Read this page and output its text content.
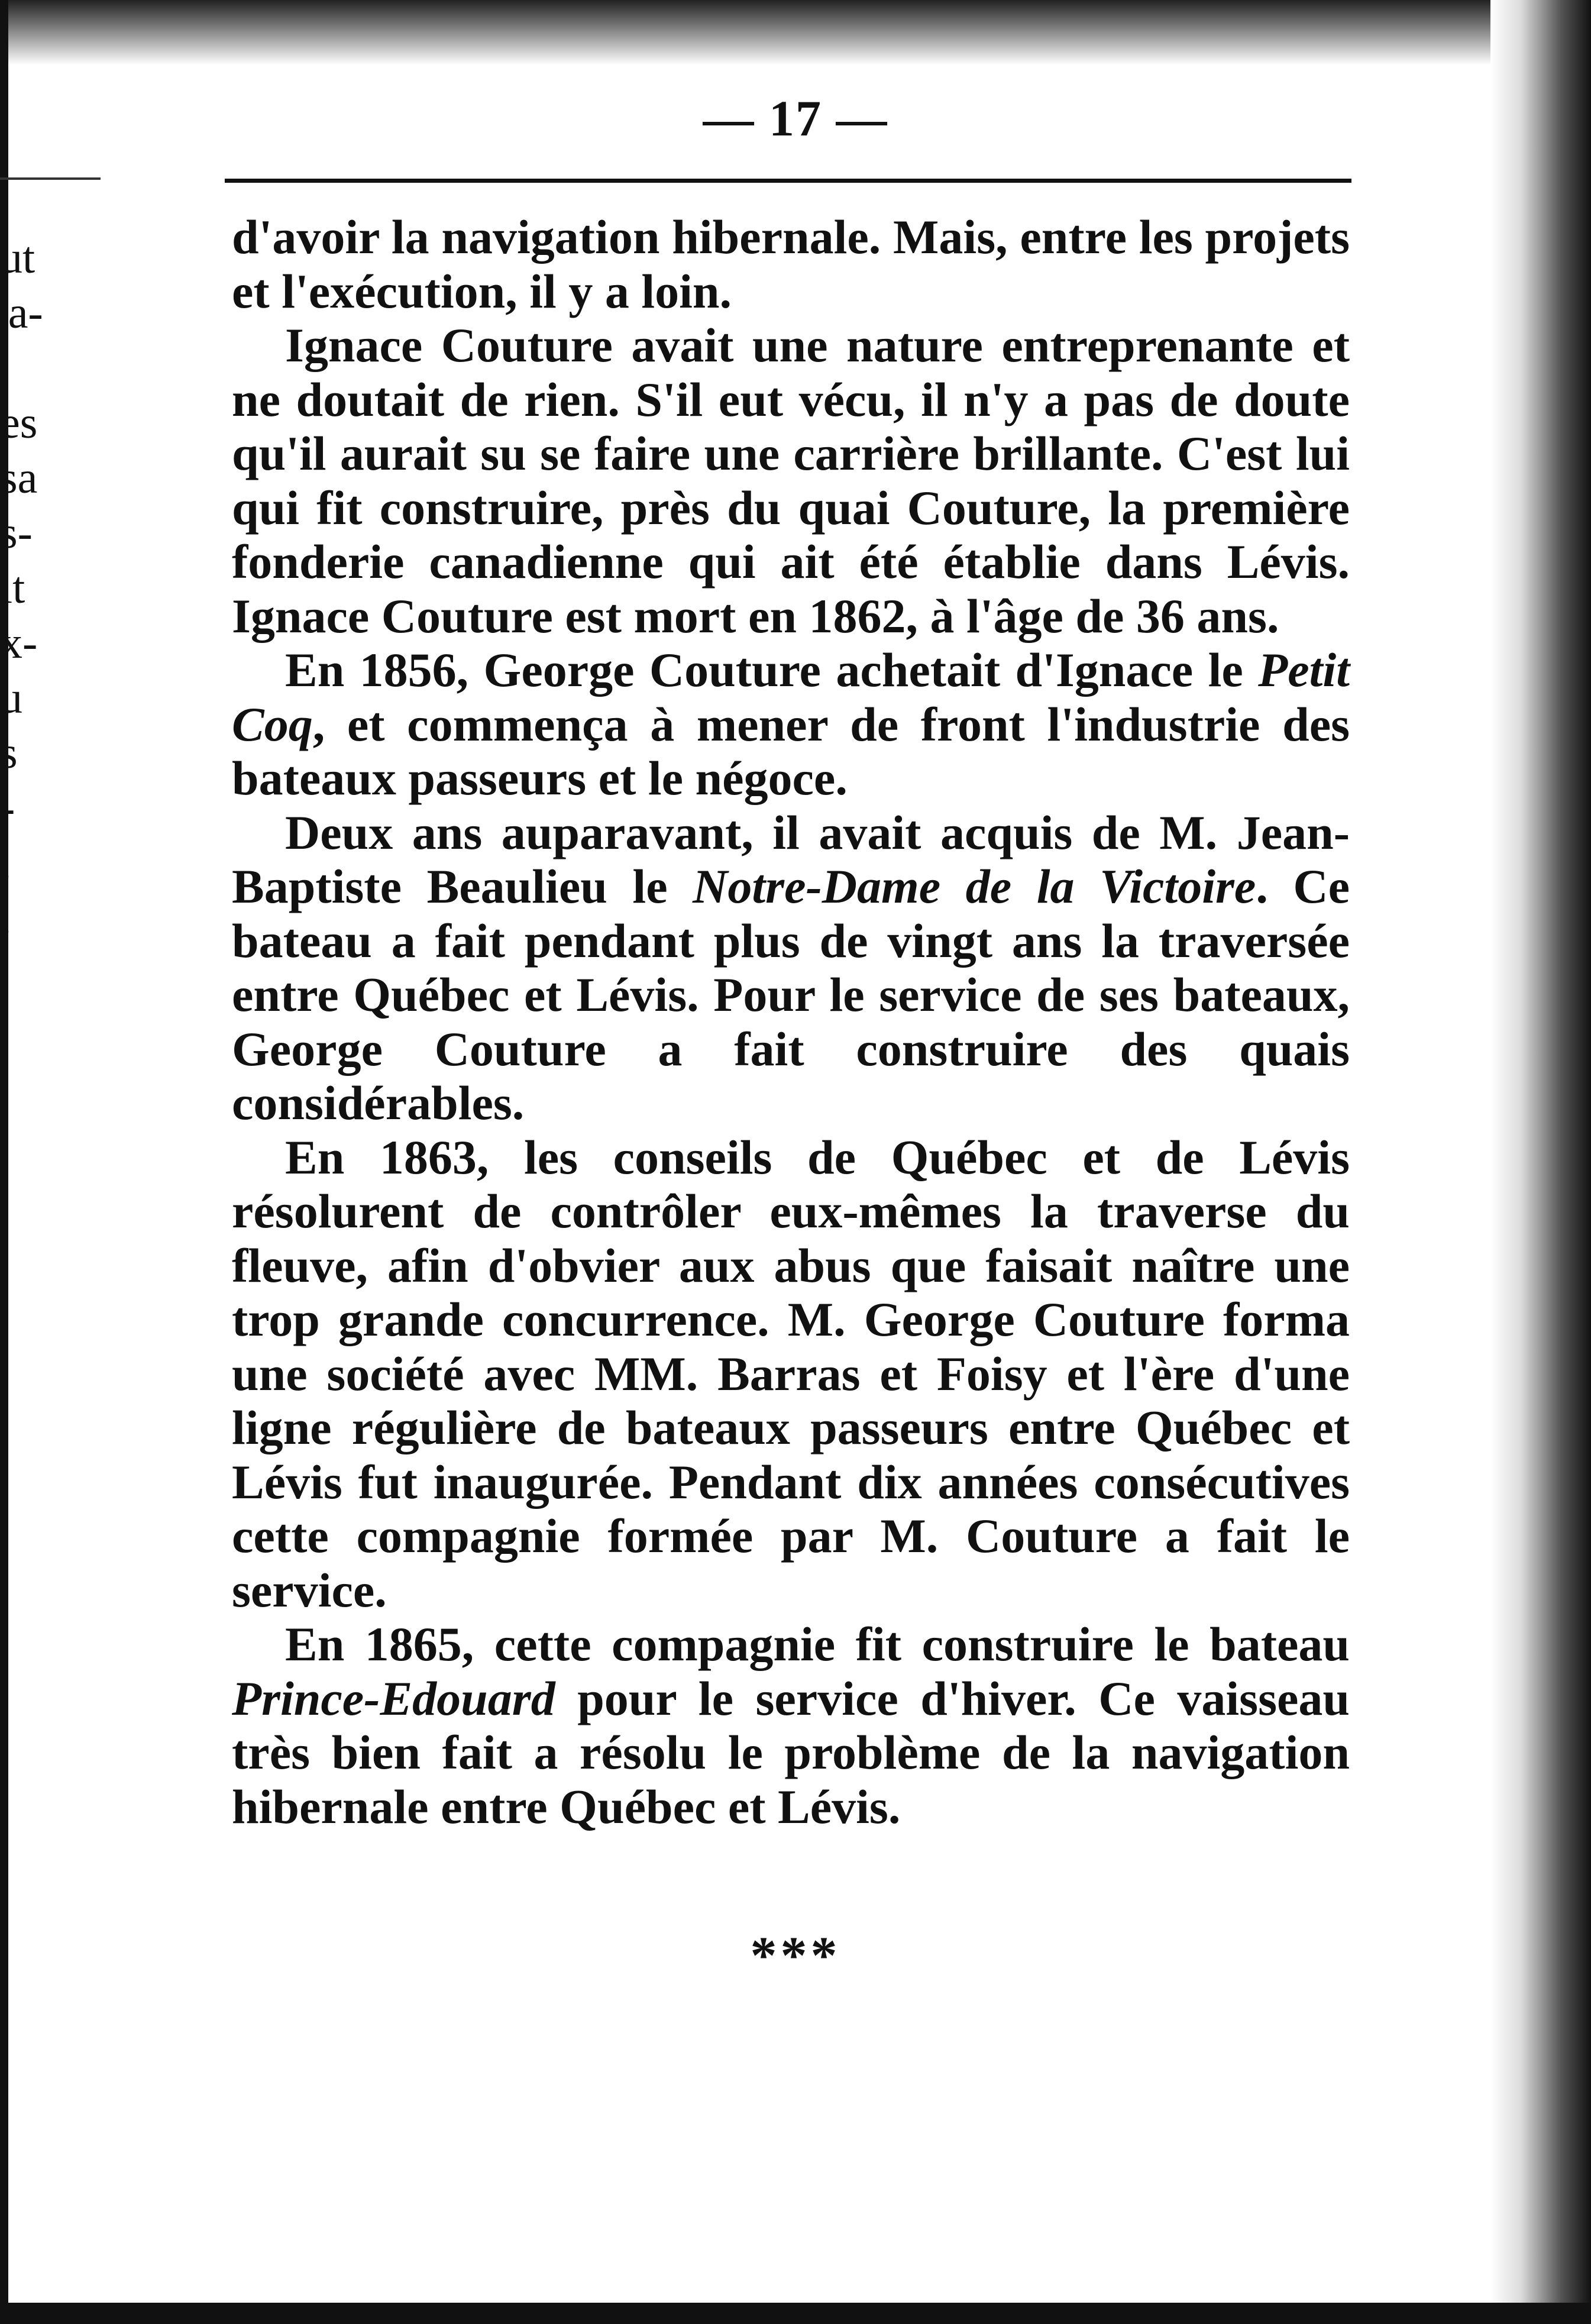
ut
'a-
es
sa
s-
it
x-
u
s
-
,
,
.
— 17 —

d'avoir la navigation hibernale. Mais, entre les projets et l'exécution, il y a loin.

Ignace Couture avait une nature entreprenante et ne doutait de rien. S'il eut vécu, il n'y a pas de doute qu'il aurait su se faire une carrière brillante. C'est lui qui fit construire, près du quai Couture, la première fonderie canadienne qui ait été établie dans Lévis. Ignace Couture est mort en 1862, à l'âge de 36 ans.

En 1856, George Couture achetait d'Ignace le Petit Coq, et commença à mener de front l'industrie des bateaux passeurs et le négoce.

Deux ans auparavant, il avait acquis de M. Jean-Baptiste Beaulieu le Notre-Dame de la Victoire. Ce bateau a fait pendant plus de vingt ans la traversée entre Québec et Lévis. Pour le service de ses bateaux, George Couture a fait construire des quais considérables.

En 1863, les conseils de Québec et de Lévis résolurent de contrôler eux-mêmes la traverse du fleuve, afin d'obvier aux abus que faisait naître une trop grande concurrence. M. George Couture forma une société avec MM. Barras et Foisy et l'ère d'une ligne régulière de bateaux passeurs entre Québec et Lévis fut inaugurée. Pendant dix années consécutives cette compagnie formée par M. Couture a fait le service.

En 1865, cette compagnie fit construire le bateau Prince-Edouard pour le service d'hiver. Ce vaisseau très bien fait a résolu le problème de la navigation hibernale entre Québec et Lévis.

***
